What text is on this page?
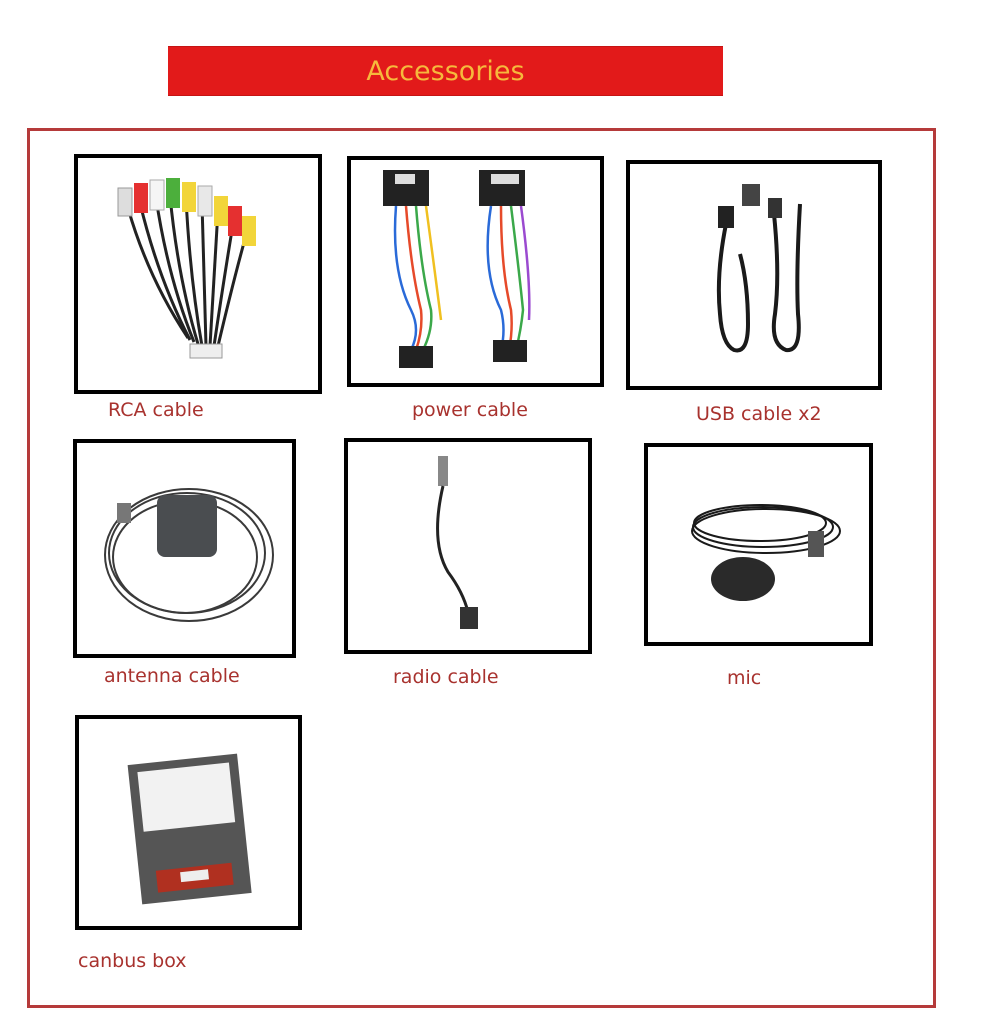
Accessories
RCA cable	power cable	USB cable x2
antenna cable	radio cable	mic
canbus box
